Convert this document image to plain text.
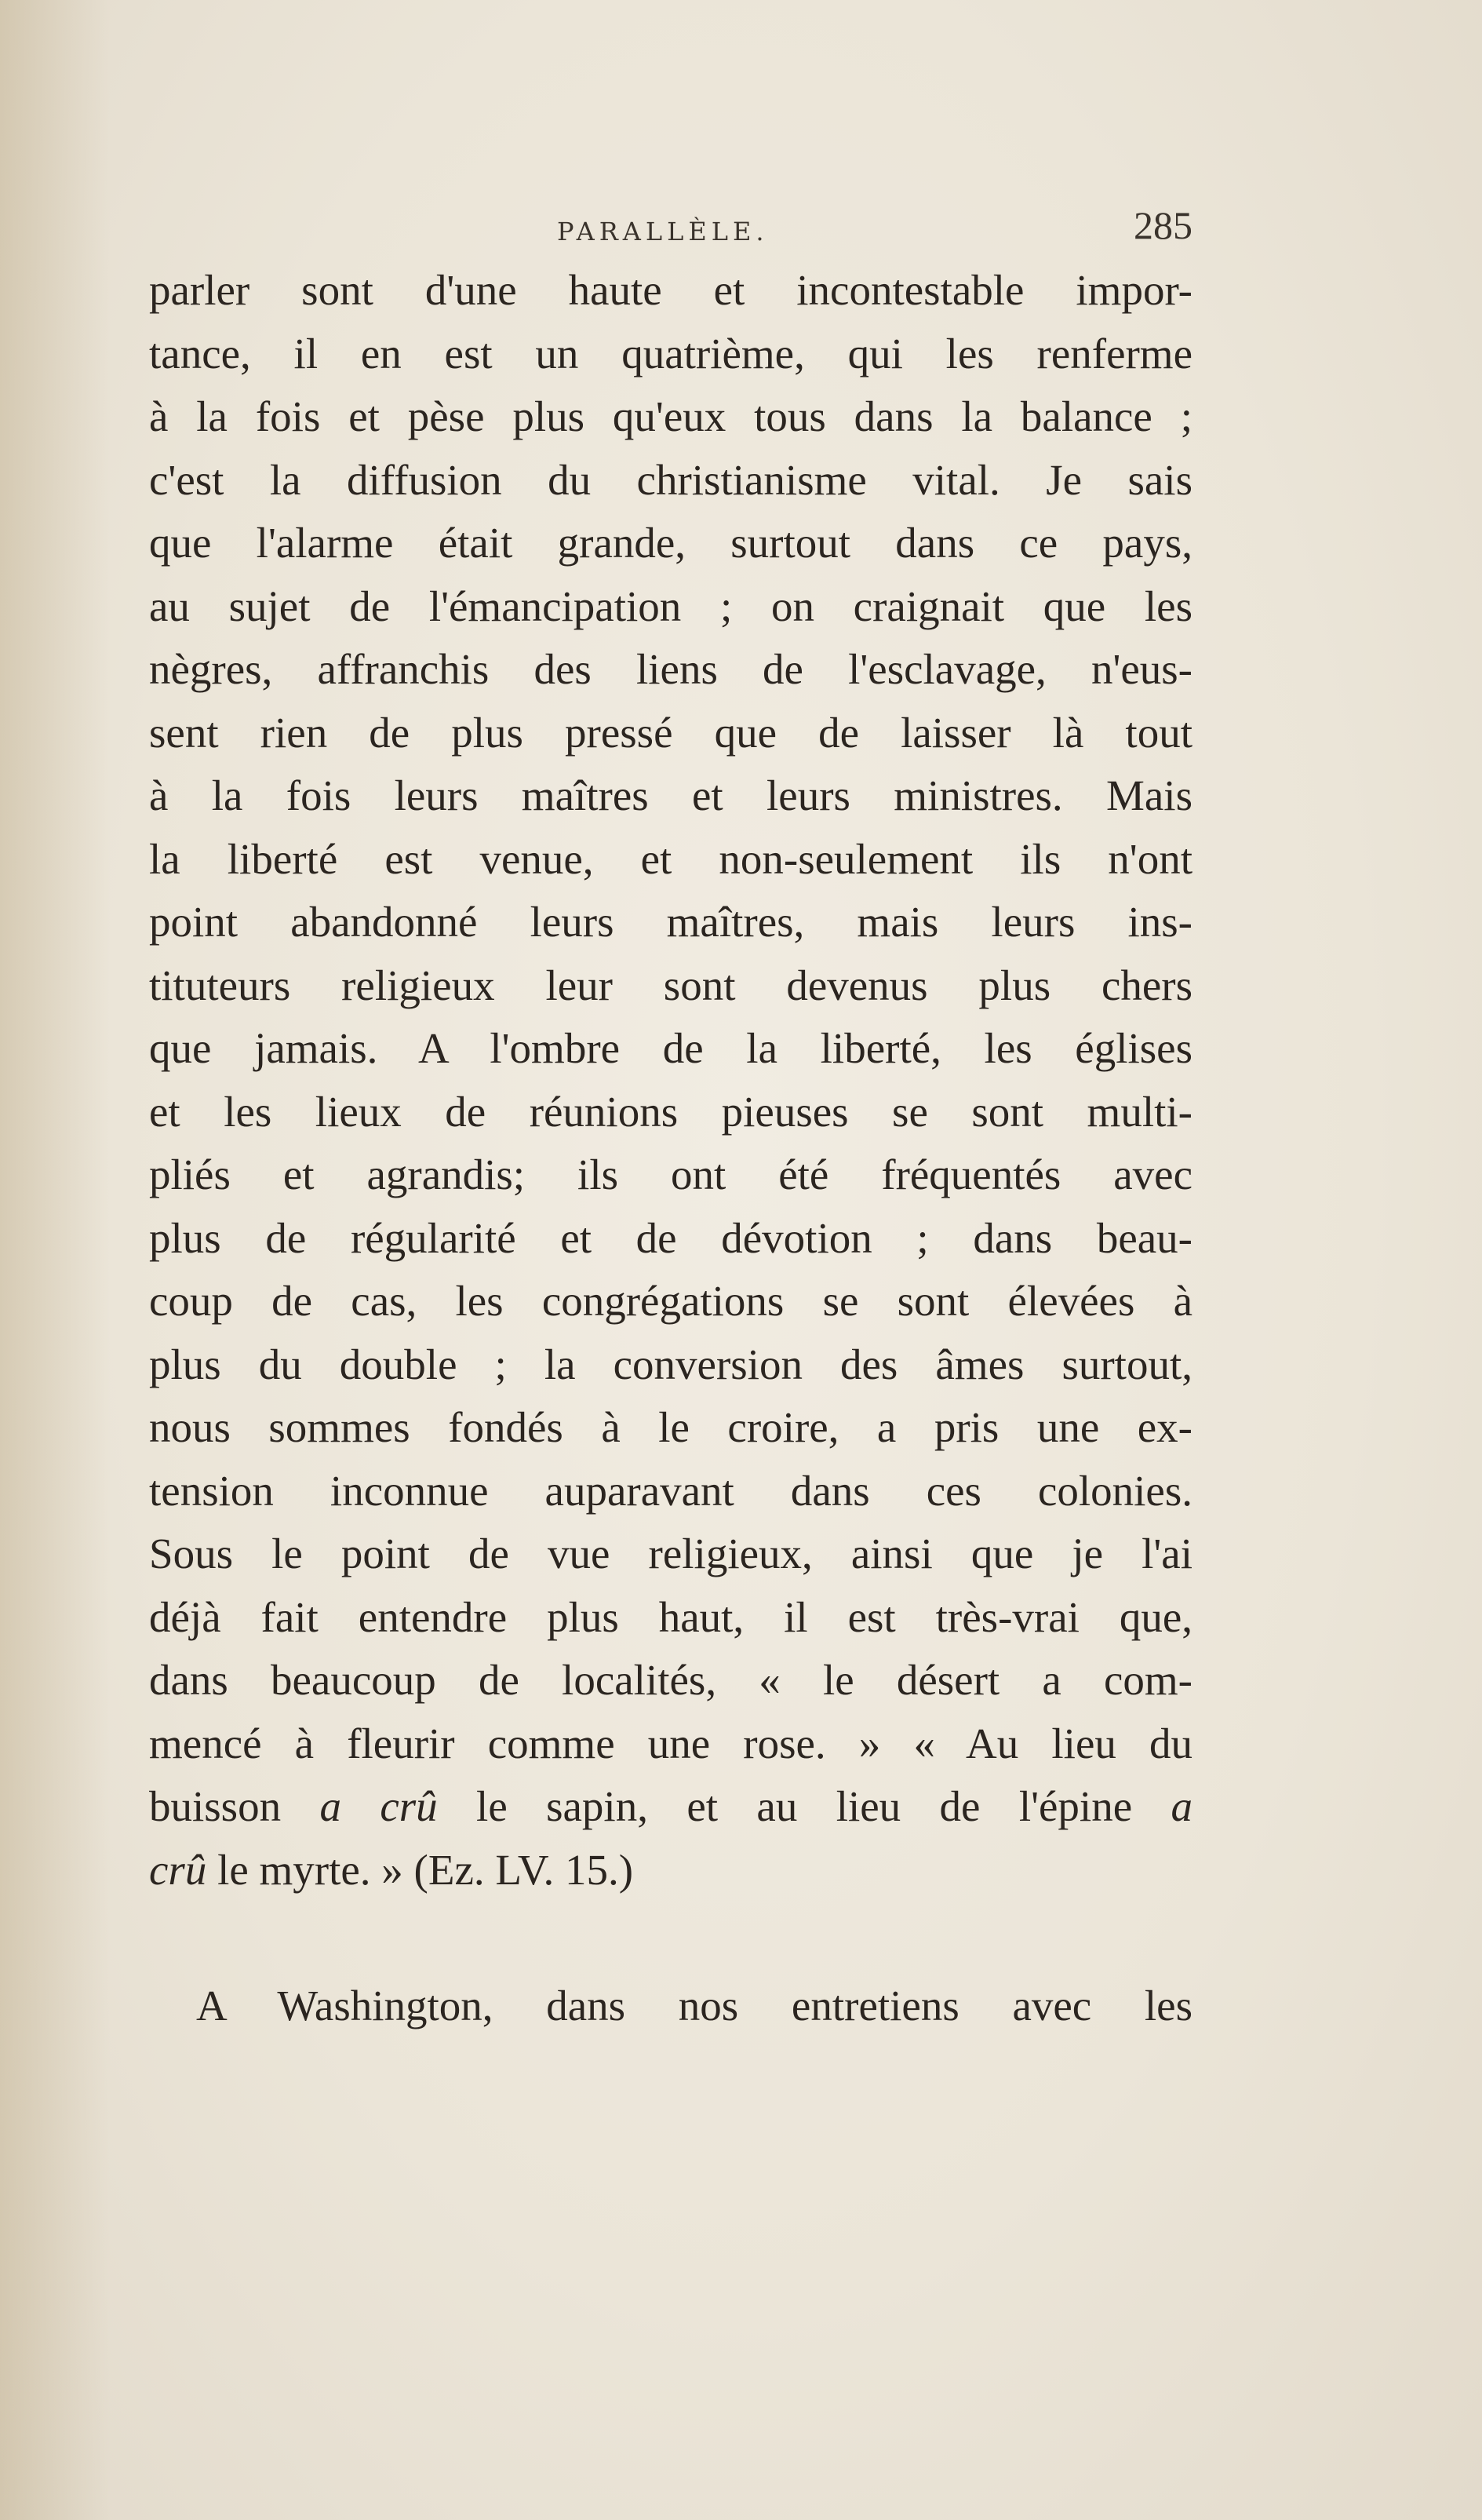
PARALLÈLE.	285
parler sont d'une haute et incontestable impor-
tance, il en est un quatrième, qui les renferme
à la fois et pèse plus qu'eux tous dans la balance ;
c'est la diffusion du christianisme vital. Je sais
que l'alarme était grande, surtout dans ce pays,
au sujet de l'émancipation ; on craignait que les
nègres, affranchis des liens de l'esclavage, n'eus-
sent rien de plus pressé que de laisser là tout
à la fois leurs maîtres et leurs ministres. Mais
la liberté est venue, et non-seulement ils n'ont
point abandonné leurs maîtres, mais leurs ins-
tituteurs religieux leur sont devenus plus chers
que jamais. A l'ombre de la liberté, les églises
et les lieux de réunions pieuses se sont multi-
pliés et agrandis; ils ont été fréquentés avec
plus de régularité et de dévotion ; dans beau-
coup de cas, les congrégations se sont élevées à
plus du double ; la conversion des âmes surtout,
nous sommes fondés à le croire, a pris une ex-
tension inconnue auparavant dans ces colonies.
Sous le point de vue religieux, ainsi que je l'ai
déjà fait entendre plus haut, il est très-vrai que,
dans beaucoup de localités, « le désert a com-
mencé à fleurir comme une rose. » « Au lieu du
buisson a crû le sapin, et au lieu de l'épine a
crû le myrte. » (Ez. LV. 15.)
A Washington, dans nos entretiens avec les
